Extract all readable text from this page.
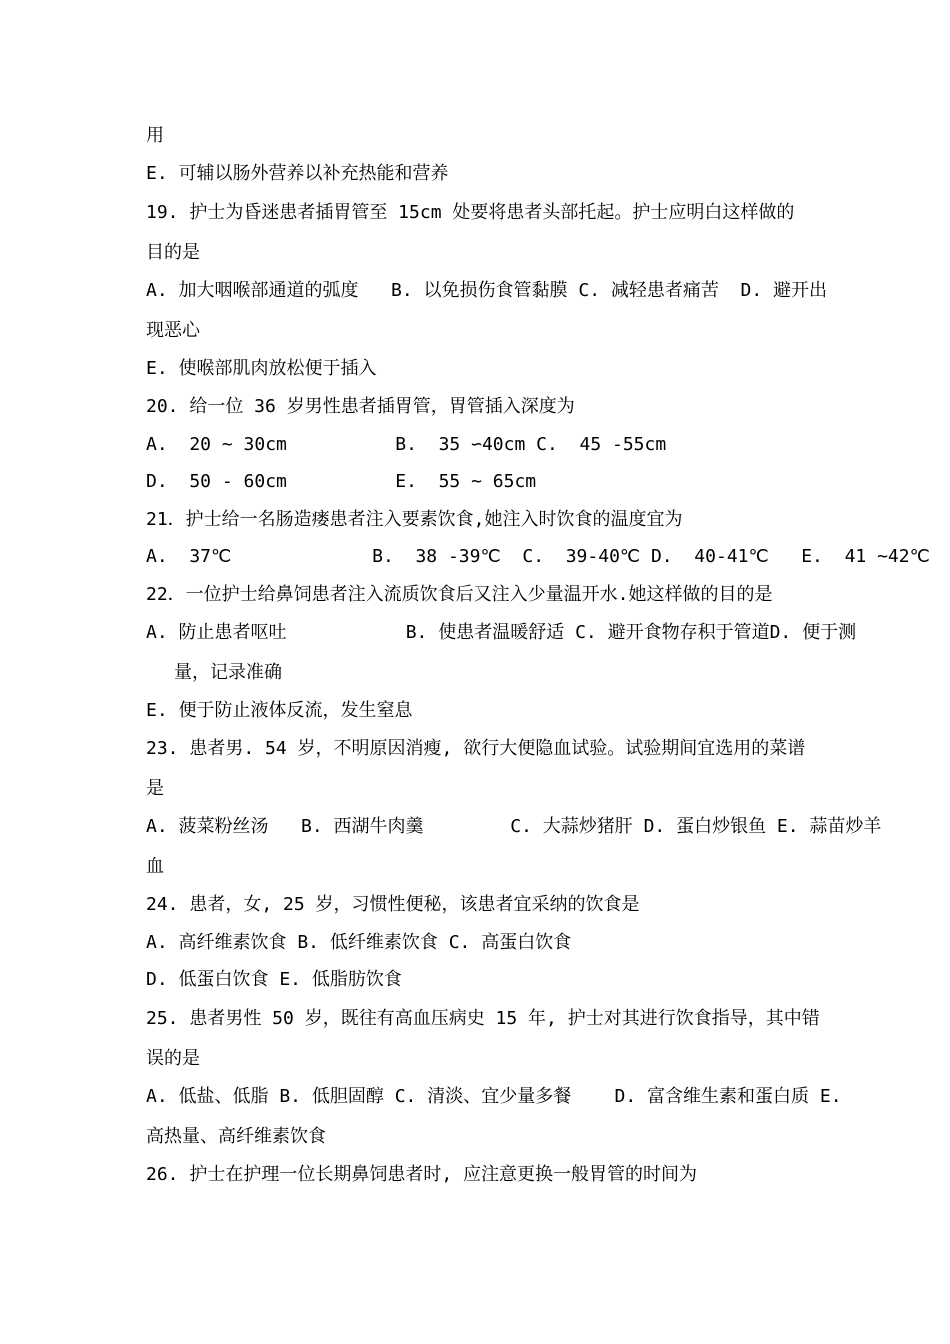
用
E. 可辅以肠外营养以补充热能和营养
19. 护士为昏迷患者插胃管至 15cm 处要将患者头部托起。护士应明白这样做的
目的是
A. 加大咽喉部通道的弧度   B. 以免损伤食管黏膜 C. 减轻患者痛苦  D. 避开出
现恶心
E. 使喉部肌肉放松便于插入
20. 给一位 36 岁男性患者插胃管，胃管插入深度为
A.  20 ~ 30cm          B.  35 ∽40cm C.  45 -55cm
D.  50 - 60cm          E.  55 ~ 65cm
21．护士给一名肠造瘘患者注入要素饮食,她注入时饮食的温度宜为
A.  37℃             B.  38 -39℃  C.  39-40℃ D.  40-41℃   E.  41 ~42℃
22．一位护士给鼻饲患者注入流质饮食后又注入少量温开水.她这样做的目的是
A. 防止患者呕吐           B. 使患者温暖舒适 C. 避开食物存积于管道D. 便于测
量，记录准确
E. 便于防止液体反流，发生窒息
23. 患者男. 54 岁，不明原因消瘦, 欲行大便隐血试验。试验期间宜选用的菜谱
是
A. 菠菜粉丝汤   B. 西湖牛肉羹        C. 大蒜炒猪肝 D. 蛋白炒银鱼 E. 蒜苗炒羊
血
24. 患者，女, 25 岁，习惯性便秘，该患者宜采纳的饮食是
A. 高纤维素饮食 B. 低纤维素饮食 C. 高蛋白饮食
D. 低蛋白饮食 E. 低脂肪饮食
25. 患者男性 50 岁，既往有高血压病史 15 年, 护士对其进行饮食指导，其中错
误的是
A. 低盐、低脂 B. 低胆固醇 C. 清淡、宜少量多餐    D. 富含维生素和蛋白质 E.
高热量、高纤维素饮食
26. 护士在护理一位长期鼻饲患者时, 应注意更换一般胃管的时间为
